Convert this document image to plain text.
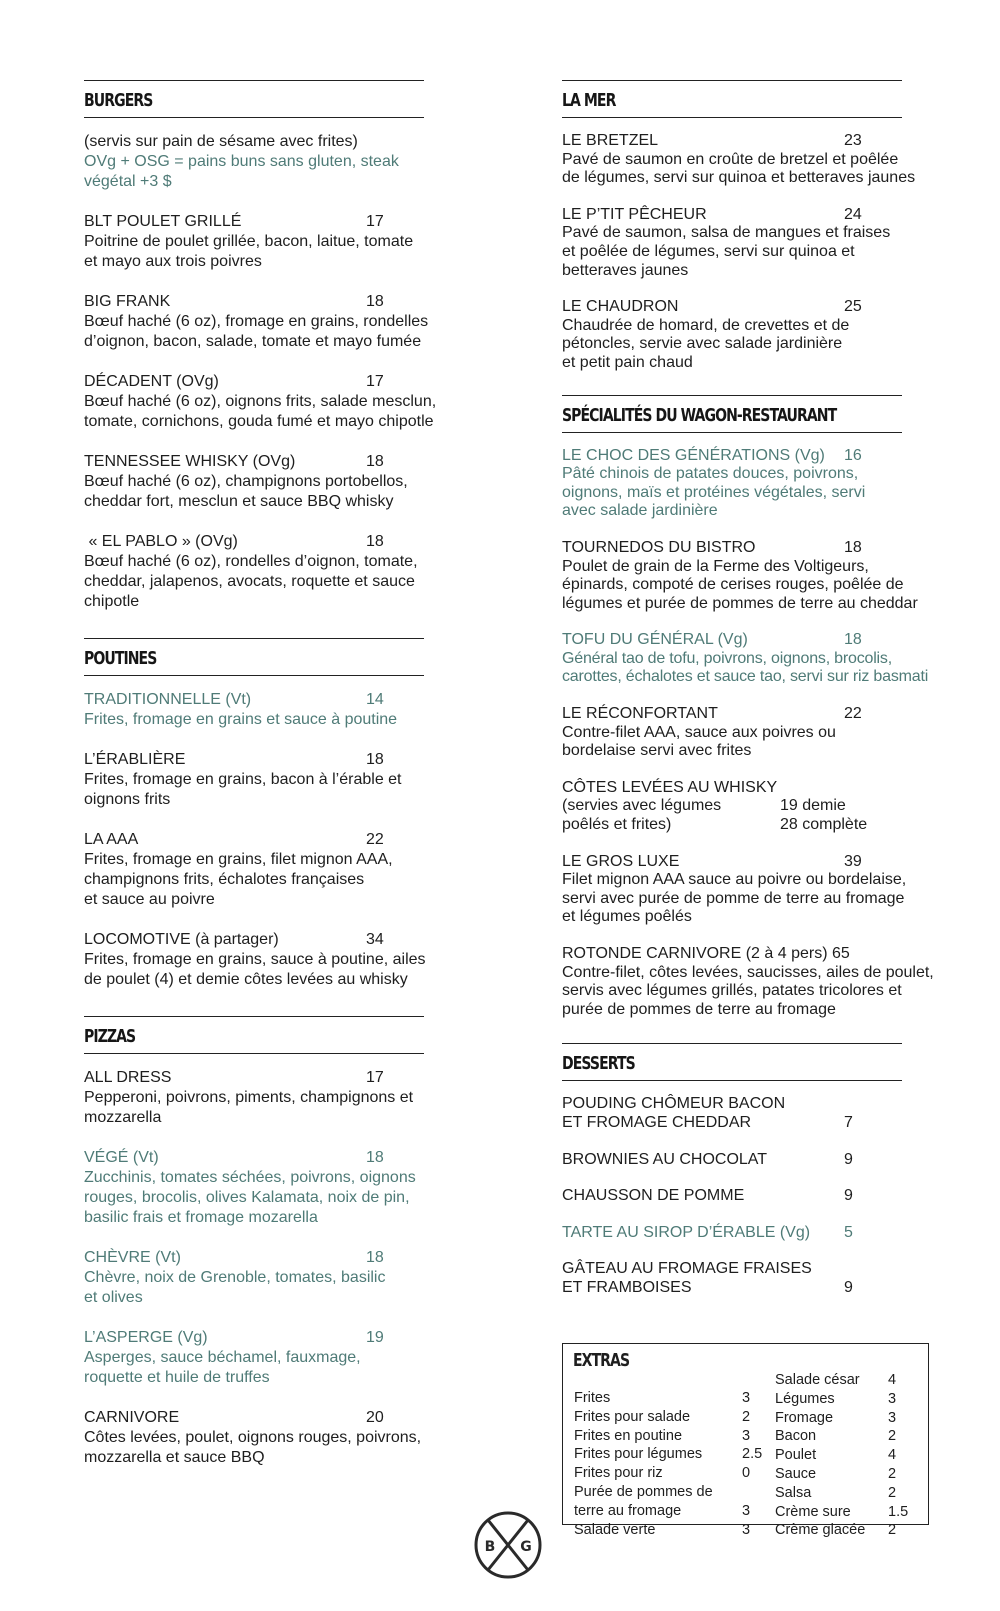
BURGERS
(servis sur pain de sésame avec frites)
OVg + OSG = pains buns sans gluten, steak
végétal +3 $
BLT POULET GRILLÉ	17
Poitrine de poulet grillée, bacon, laitue, tomate
et mayo aux trois poivres
BIG FRANK	18
Bœuf haché (6 oz), fromage en grains, rondelles
d’oignon, bacon, salade, tomate et mayo fumée
DÉCADENT (OVg)	17
Bœuf haché (6 oz), oignons frits, salade mesclun,
tomate, cornichons, gouda fumé et mayo chipotle
TENNESSEE WHISKY (OVg)	18
Bœuf haché (6 oz), champignons portobellos,
cheddar fort, mesclun et sauce BBQ whisky
« EL PABLO » (OVg)	18
Bœuf haché (6 oz), rondelles d’oignon, tomate,
cheddar, jalapenos, avocats, roquette et sauce
chipotle
POUTINES
TRADITIONNELLE (Vt)	14
Frites, fromage en grains et sauce à poutine
L’ÉRABLIÈRE	18
Frites, fromage en grains, bacon à l’érable et
oignons frits
LA AAA	22
Frites, fromage en grains, filet mignon AAA,
champignons frits, échalotes françaises
et sauce au poivre
LOCOMOTIVE (à partager)	34
Frites, fromage en grains, sauce à poutine, ailes
de poulet (4) et demie côtes levées au whisky
PIZZAS
ALL DRESS	17
Pepperoni, poivrons, piments, champignons et
mozzarella
VÉGÉ (Vt)	18
Zucchinis, tomates séchées, poivrons, oignons
rouges, brocolis, olives Kalamata, noix de pin,
basilic frais et fromage mozarella
CHÈVRE (Vt)	18
Chèvre, noix de Grenoble, tomates, basilic
et olives
L’ASPERGE (Vg)	19
Asperges, sauce béchamel, fauxmage,
roquette et huile de truffes
CARNIVORE	20
Côtes levées, poulet, oignons rouges, poivrons,
mozzarella et sauce BBQ
LA MER
LE BRETZEL	23
Pavé de saumon en croûte de bretzel et poêlée
de légumes, servi sur quinoa et betteraves jaunes
LE P’TIT PÊCHEUR	24
Pavé de saumon, salsa de mangues et fraises
et poêlée de légumes, servi sur quinoa et
betteraves jaunes
LE CHAUDRON	25
Chaudrée de homard, de crevettes et de
pétoncles, servie avec salade jardinière
et petit pain chaud
SPÉCIALITÉS DU WAGON-RESTAURANT
LE CHOC DES GÉNÉRATIONS (Vg) 16
Pâté chinois de patates douces, poivrons,
oignons, maïs et protéines végétales, servi
avec salade jardinière
TOURNEDOS DU BISTRO	18
Poulet de grain de la Ferme des Voltigeurs,
épinards, compoté de cerises rouges, poêlée de
légumes et purée de pommes de terre au cheddar
TOFU DU GÉNÉRAL (Vg)	18
Général tao de tofu, poivrons, oignons, brocolis,
carottes, échalotes et sauce tao, servi sur riz basmati
LE RÉCONFORTANT	22
Contre-filet AAA, sauce aux poivres ou
bordelaise servi avec frites
CÔTES LEVÉES AU WHISKY
(servies avec légumes
poêlés et frites)
19 demie
28 complète
LE GROS LUXE	39
Filet mignon AAA sauce au poivre ou bordelaise,
servi avec purée de pomme de terre au fromage
et légumes poêlés
ROTONDE CARNIVORE (2 à 4 pers) 65
Contre-filet, côtes levées, saucisses, ailes de poulet,
servis avec légumes grillés, patates tricolores et
purée de pommes de terre au fromage
DESSERTS
POUDING CHÔMEUR BACON
ET FROMAGE CHEDDAR	7
BROWNIES AU CHOCOLAT	9
CHAUSSON DE POMME	9
TARTE AU SIROP D’ÉRABLE (Vg) 5
GÂTEAU AU FROMAGE FRAISES
ET FRAMBOISES	9
EXTRAS
Frites	3
Frites pour salade	2
Frites en poutine	3
Frites pour légumes	2.5
Frites pour riz	0
Purée de pommes de
terre au fromage	3
Salade verte	3
Salade césar 4
Légumes	3
Fromage	3
Bacon	2
Poulet	4
Sauce	2
Salsa	2
Crème sure	1.5
Crème glacée 2
B G
